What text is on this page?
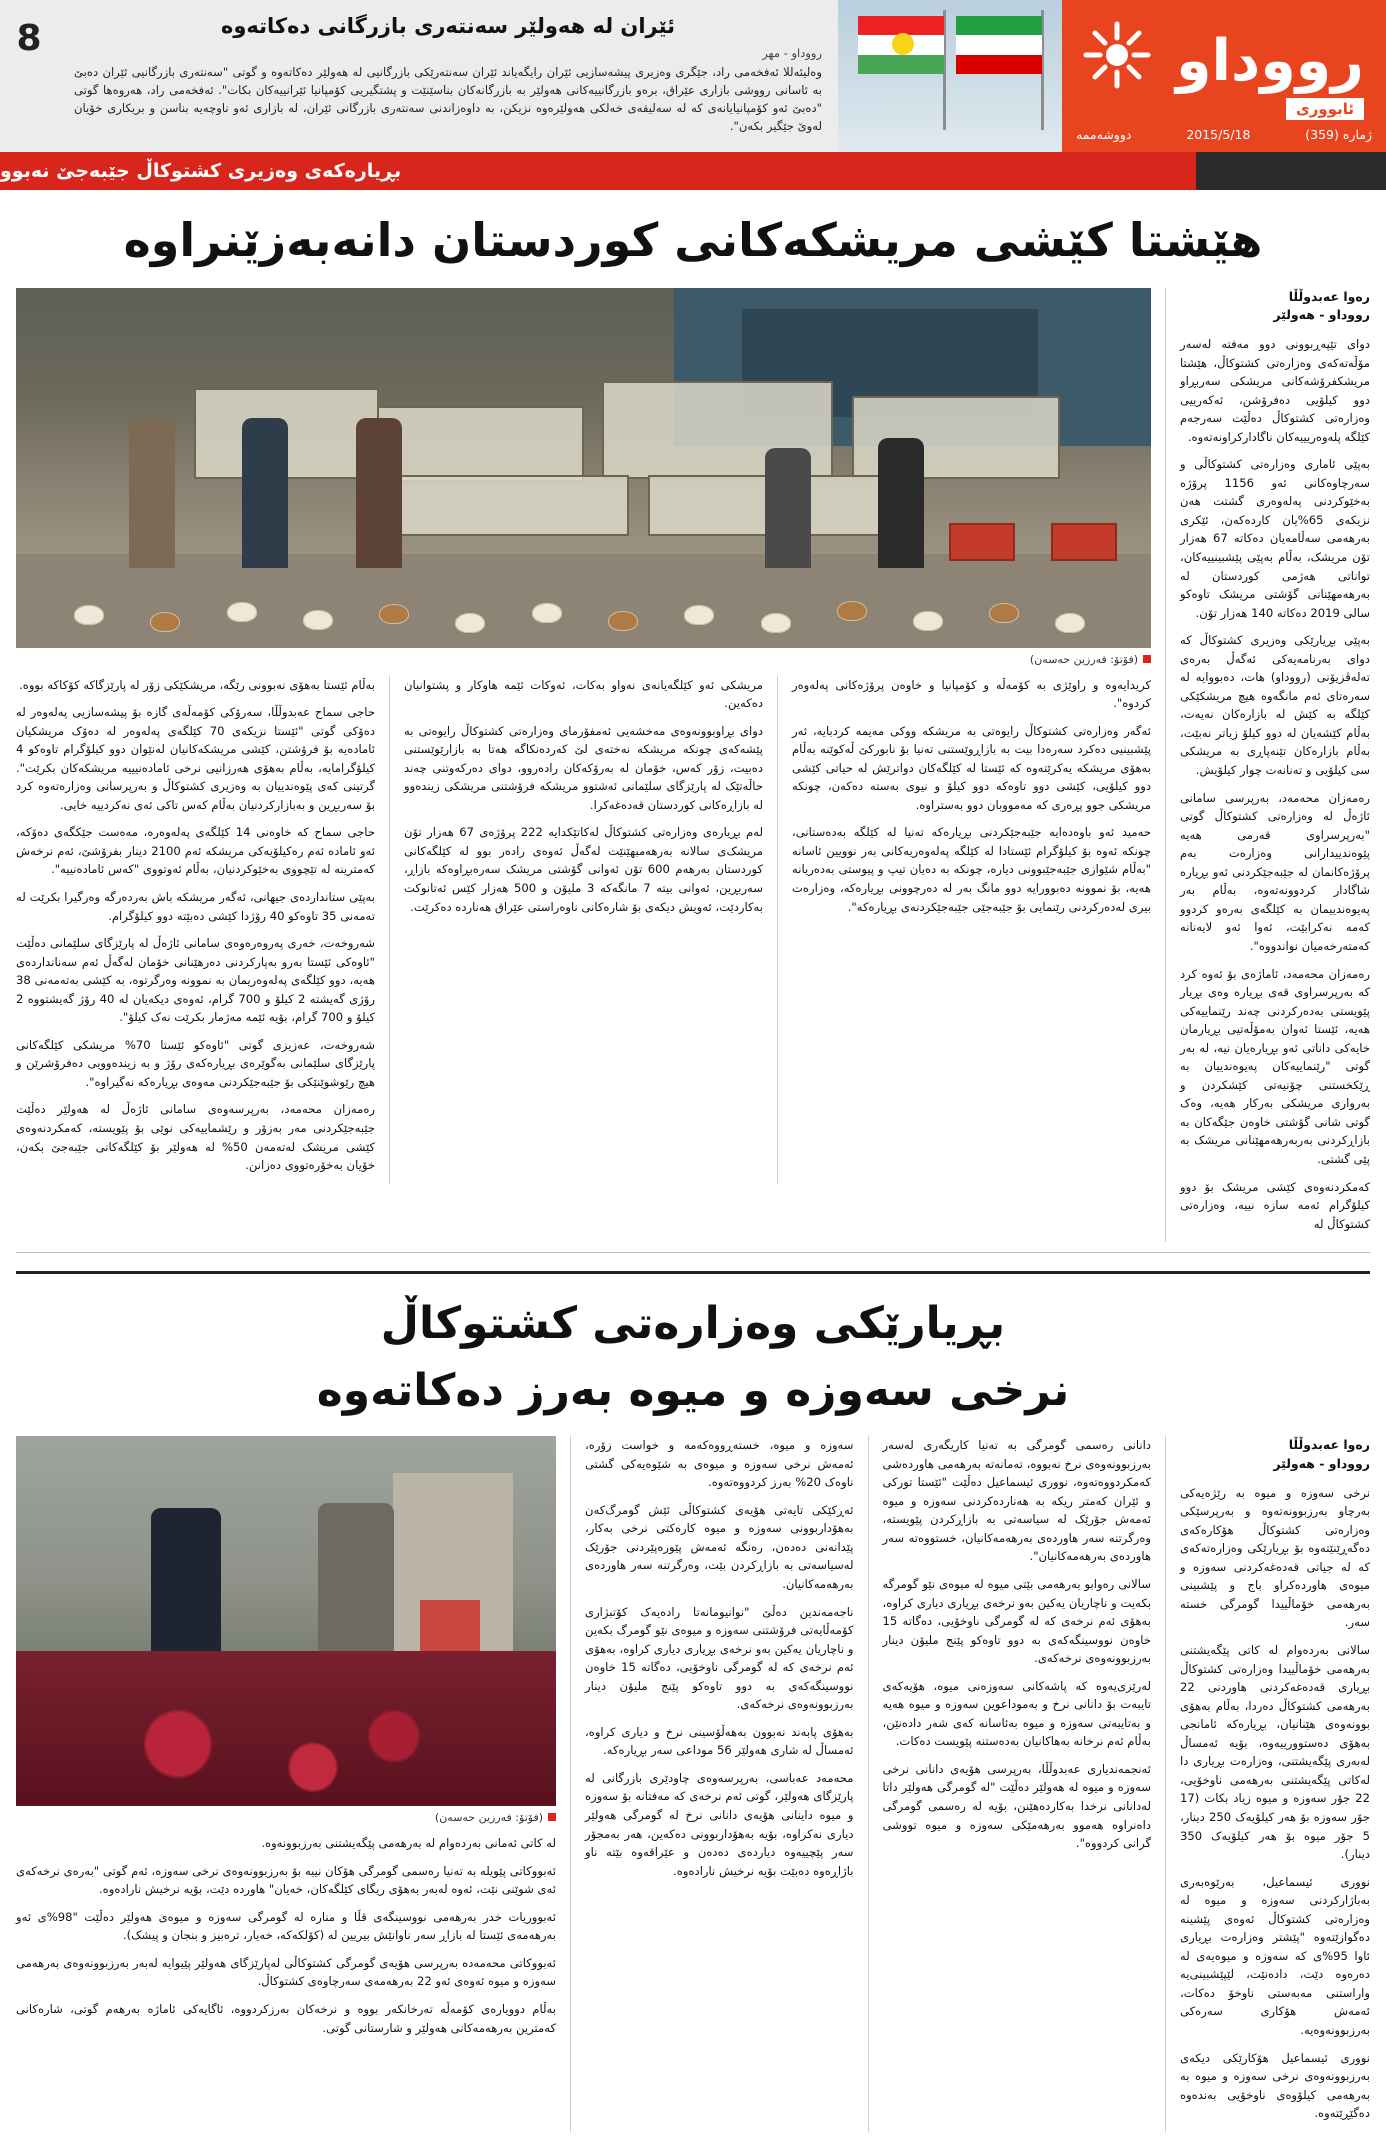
رووداو
ئابووری
ژماره‌ (359)
2015/5/18
دووشه‌ممه‌
ئێران له‌ هه‌ولێر سه‌نته‌ری بازرگانی ده‌کاته‌وه‌
رووداو - مهر
وه‌لیئه‌للا ئه‌فخه‌می راد، جێگری وه‌زیری پیشه‌سازیی ئێران رایگه‌یاند ئێران سه‌نته‌رێکی بازرگانیی له‌ هه‌ولێر ده‌کاته‌وه‌ و گوتی "سه‌نته‌ری بازرگانیی ئێران ده‌بێ به‌ ئاسانی رووشی بازاری عێراق، بره‌و بازرگانییه‌کانی هه‌ولێر به‌ بازرگانه‌کان بناسێنێت و پشتگیریی کۆمپانیا ئێرانییه‌کان بکات". ئه‌فخه‌می راد، هه‌روه‌ها گوتی "ده‌بێ ئه‌و کۆمپانیایانه‌ی که‌ له‌ سه‌لیقه‌ی خه‌لکی هه‌ولێره‌وه‌ نزیکن، به‌ داوه‌زاندنی سه‌نته‌ری بازرگانی ئێران، له‌ بازاری ئه‌و ناوچه‌یه‌ بناسن و بریکاری خۆیان له‌وێ جێگیر بکه‌ن".
8
بڕیاره‌که‌ی وه‌زیری کشتوکاڵ جێبه‌جێ نه‌بوو
هێشتا کێشی مریشکه‌کانی کوردستان دانه‌به‌زێنراوه‌
ره‌وا عه‌بدوڵڵا
رووداو - هه‌ولێر

دوای تێپه‌ڕبوونی دوو مه‌فته‌ له‌سه‌ر مۆڵه‌ته‌که‌ی وه‌زاره‌تی کشتوکاڵ، هێشتا مریشکفرۆشه‌کانی مریشکی سه‌ربڕاو دوو کیلۆیی ده‌فرۆشن، ئه‌که‌رییی وه‌زاره‌تی کشتوکاڵ ده‌ڵێت سه‌رجه‌م کێلگه‌ پله‌وه‌ریییه‌کان ناگاداركراونه‌ته‌وه‌.

به‌پێی ئاماری وه‌زاره‌تی کشتوکاڵی و سه‌رچاوه‌کانی ئه‌و 1156 پرۆژه‌ به‌خێوکردنی په‌له‌وه‌ری گشتت هه‌ن نزیکه‌ی 65%یان کارده‌که‌ن، ئێکری به‌رهه‌می سه‌ڵامه‌یان ده‌کاته‌ 67 هه‌زار تۆن مریشک، به‌ڵام به‌پێی پێشبینییه‌کان، تواناتی هه‌ژمی کوردستان له‌ به‌رهه‌مهێنانی گۆشتی مریشک تاوه‌کو سالی 2019 ده‌کاته‌ 140 هه‌زار تۆن.

به‌پێی بڕیارێکی وه‌زیری کشتوکاڵ که‌ دوای به‌رنامه‌یه‌کی ئه‌گه‌ڵ به‌ره‌ی ته‌له‌ڤزیۆنی (رووداو) ها‌ت، ده‌بووایه‌ له‌ سه‌ره‌تای ئه‌م مانگه‌وه‌ هیچ مریشکێکی کێلگه‌ به‌ کێش له‌ بازاره‌کان نه‌یه‌ت، به‌ڵام کێشه‌یان له‌ دوو کیلۆ زیاتر نه‌بێت، به‌ڵام بازاره‌کان تێنه‌پاڕی به‌ مریشکی سی کیلۆیی و ته‌نانه‌ت چوار کیلۆیش.

ره‌مه‌زان محه‌مه‌د، به‌رپرسی سامانی ئاژه‌ڵ له‌ وه‌زاره‌تی کشتوکاڵ گوتی "به‌رپرسراوی قه‌رمی هه‌یه‌ پێوه‌ندییدارانی وه‌زاره‌ت به‌م پرۆژه‌کانمان له‌ جێبه‌جێکردنی ئه‌و بڕیاره‌ شاگادار کردوونه‌ته‌وه‌، به‌ڵام به‌ر په‌یوه‌ندییمان به‌ کێلگه‌ی به‌ره‌و کردوو که‌مه‌ نه‌کرابێت، ئه‌وا ئه‌و لایه‌نانه‌ که‌مته‌رخه‌میان نواندووه‌".

ره‌مه‌زان محه‌مه‌د، ئاماژه‌ی بۆ ئه‌وه‌ کرد که‌ به‌رپرسراوی قه‌ی بڕیاره‌ وه‌ی بڕیار پێویستی به‌ده‌رکردنی چه‌ند رێنماییه‌کی هه‌یه‌، ئێستا ئه‌وان به‌مۆڵه‌تیی بڕیارمان خایه‌کی داناتی ئه‌و بڕیاره‌یان نیه‌، له‌ به‌ر گوتی "رێنماییه‌کان په‌یوه‌ندییان به‌ ڕێکخستنی چۆنیه‌تی کێشکردن و به‌رواری مریشکی به‌رکار هه‌یه‌، وه‌ک گوتی شانی گۆشتی خاوه‌ن جێگه‌کان به‌ بازاڕکردنی به‌ربه‌رهه‌مهێنانی مریشک به‌ پێی گشتی.

که‌مکردنه‌وه‌ی کێشی مریشک بۆ دوو کیلۆگرام ئه‌مه‌ سازه‌ نییه‌، وه‌زاره‌تی کشتوکاڵ له‌

(فۆتۆ: فه‌رزین حه‌سه‌ن)

کریدایه‌وه‌ و راوێژی به‌ کۆمه‌ڵه‌ و کۆمپانیا و خاوه‌ن پرۆژه‌کانی په‌له‌وه‌ر کردوه‌".

ئه‌گه‌ر وه‌زاره‌تی کشتوکاڵ رایوه‌تی به‌ مریشکه‌ ووکی مه‌یمه‌ کردبایه‌، ئه‌ر پێشبینیی ده‌کرد سه‌ره‌دا بیت به‌ بازاڕوێستنی ته‌نیا بۆ نابورکێ ڵه‌کوێنه‌ به‌ڵام به‌هۆی مریشکه‌ یه‌کرێته‌وه‌ که‌ ئێستا له‌ کێلگه‌کان دواترێش له‌ حیاتی کێشی دوو کیلۆیی، کێشی دوو تاوه‌که‌ دوو کیلۆ و نیوی به‌سته‌ ده‌که‌ن، چونکه‌ مریشکی جوو پڕه‌ری که‌ مه‌مووبان دوو به‌ستراوه‌.

حه‌مید‌ ئه‌و باوه‌ده‌ایه‌ جێبه‌جێکردنی بڕیاره‌که‌ ته‌نیا له‌ کێلگه‌ به‌ده‌ستانی، چونکه‌ ئه‌وه‌ بۆ کیلۆگرام ئێستادا له‌ کێلگه‌ په‌له‌وه‌ریه‌کانی به‌ر نوویین ئاسانه‌ "به‌ڵام شێوازی جێبه‌جێبوونی دیاره‌، چونکه‌ به‌ ده‌یان تیپ و پیوستی به‌ده‌ریانه‌ هه‌یه‌، بۆ نموونه‌ ده‌بوورایه‌ دوو مانگ به‌ر له‌ ده‌رچوونی بڕیاره‌که‌، وه‌زاره‌ت بیری له‌ده‌رکردنی رێنمایی بۆ جێبه‌جێی جێبه‌جێکردنه‌ی بڕیاره‌که‌".

مریشکی ئه‌و کێلگه‌یانه‌ی نه‌واو به‌کات، ئه‌وکات ئێمه‌ هاوکار و پشتوانیان ده‌که‌ین.

دوای بڕاوبوونه‌وه‌ی مه‌خشه‌یی ئه‌مفۆرمای وه‌زاره‌تی کشتوکاڵ رایوه‌تی به‌ پێشه‌که‌ی چونکه‌ مریشکه‌ نه‌خته‌ی لێ که‌رده‌نکاگه‌ هه‌تا به‌ بازارێوێستنی ده‌بیت، زۆر که‌س، خۆمان له‌ به‌رۆکه‌کان راده‌روو، دوای ده‌رکه‌وتنی چه‌ند حاڵه‌تێک له‌ پارێزگای سلێمانی ئه‌شتوو مریشکه‌ فرۆشتنی مریشکی زینده‌وو له‌ بازاڕه‌کانی کوردستان قه‌ده‌غه‌کرا.

له‌م بڕیاره‌ی وه‌زاره‌تی کشتوکاڵ له‌کاتێکدایه‌ 222 پرۆژه‌ی 67 هه‌زار تۆن مریشک‌ی سالانه‌ به‌رهه‌مبهێنێت له‌گه‌ڵ ئه‌وه‌ی راده‌ر بوو له‌ کێلگه‌کانی کوردستان به‌رهه‌م 600 تۆن ئه‌وانی گۆشتی مریشک سه‌ره‌بڕاوه‌که‌ بازاڕ، سه‌ربڕین، ئه‌وانی بیته‌ 7 مانگه‌که‌ 3 ملیۆن و 500 هه‌زار کێس ئه‌تانوکت به‌کاردێت، ئه‌ویش دیکه‌ی بۆ شاره‌کانی ناوه‌راستی عێراق هه‌ناردە ده‌کرێت.

به‌ڵام ئێستا به‌هۆی نه‌بوونی رێگه‌، مریشکێکی زۆر له‌ پارێزگاکه‌ کۆکاکه‌ بووه‌.

حاجی سماح عه‌بدوڵڵا، سه‌رۆکی کۆمه‌ڵه‌ی گازه‌ بۆ پیشه‌سازیی په‌له‌وه‌ر له‌ ده‌ۆکی گوتی "ئێستا نزیکه‌ی 70 کێلگه‌ی په‌له‌وه‌ر له‌ ده‌ۆک مریشکیان ئاماده‌یه‌ بۆ فرۆشتن، کێشی مریشکه‌کانیان له‌نێوان دوو کیلۆگرام تاوه‌کو 4 کیلۆگرامایه‌، به‌ڵام به‌هۆی هه‌رزانیی نرخی ئاماده‌نیییه‌ مریشکه‌کان بکرێت". گرتینی که‌ی پێوه‌ندییان به‌ وه‌زیری کشتوکاڵ و به‌رپرسانی وه‌زاره‌ته‌وه‌ کرد بۆ سه‌ربڕین و به‌بازارکردنیان به‌ڵام که‌س تاکی ئه‌ی نه‌کردییه‌ خایی.

حاجی سماح که‌ خاوه‌نی 14 کێلگه‌ی په‌له‌وه‌ره‌، مه‌ەست جێکگه‌ی ده‌ۆکه‌، ئه‌و ئاماده‌ ئه‌م ره‌کیلۆیه‌کی مریشکه‌ ئه‌م 2100 دینار بفرۆشێ، ئه‌م نرخه‌ش که‌مترینه‌ له‌ تێچووی به‌خێوکردنیان، به‌ڵام ئه‌وتووی "که‌س ئاماده‌نییه‌".

به‌پێی ستاندارده‌ی جیهانی، ئه‌گه‌ر مریشکه‌ باش به‌رده‌رگه‌ وه‌رگیرا بکرێت له‌ ته‌مه‌نی 35 تاوه‌کو 40 رۆژدا کێشی ده‌بێته‌ دوو کیلۆگرام.

شه‌روخه‌ت، خه‌ری په‌روه‌ره‌وه‌ی سامانی ئاژه‌ڵ له‌ پارێزگای سلێمانی ده‌ڵێت "ئاوه‌کی ئێستا به‌رو به‌پارکردنی ده‌رهێنانی خۆمان له‌گه‌ڵ ئه‌م سه‌ناندارده‌ی هه‌یه‌، دوو کێلگه‌ی په‌له‌وه‌ریمان به‌ نموونه‌ وه‌رگرتوه‌، به‌ کێشی به‌ته‌مه‌نی 38 رۆژی گه‌یشته‌ 2 کیلۆ و 700 گرام، ئه‌وه‌ی دیکه‌یان له‌ 40 رۆژ گه‌یشتووه‌ 2 کیلۆ و 700 گرام، بۆیه‌ ئێمه‌ مه‌ژمار بکرێت نه‌ک کیلۆ".

شه‌روخه‌ت، عه‌زیزی گوتی "ئاوه‌کو ئێستا 70% مریشکی کێلگه‌کانی پارێزگای سلێمانی به‌گوێره‌ی بڕیاره‌که‌ی رۆژ و به‌ زینده‌وویی ده‌فرۆشرێن و هیچ رێوشوێنێکی بۆ جێبه‌جێکردنی مه‌وه‌ی بڕیاره‌که‌ نه‌گیراوه‌".

ره‌مه‌زان محه‌مه‌د، به‌رپرسه‌وه‌ی سامانی ئاژه‌ڵ له‌ هه‌ولێر ده‌ڵێت جێبه‌جێکردنی مه‌ر به‌زۆر و رێشماییه‌کی نوێی بۆ پێویسته‌، که‌مکردنه‌وه‌ی کێشی مریشک له‌ته‌مه‌ن 50% له‌ هه‌ولێر بۆ کێلگه‌کانی جێبه‌جێ بکه‌ن، خۆیان به‌خۆره‌تووی ده‌زانن.

بڕیارێکی وه‌زاره‌تی کشتوکاڵ
نرخی سه‌وزه‌ و میوه‌ به‌رز ده‌کاته‌وه‌
ره‌وا عه‌بدوڵڵا
رووداو - هه‌ولێر

نرخی سه‌وزه‌ و میوه‌ به‌ رێژه‌یه‌کی به‌رچاو به‌رزبوونه‌ته‌وه‌ و به‌رپرسێکی وه‌زاره‌تی کشتوکاڵ هۆکاره‌که‌ی ده‌گه‌ڕێنێته‌وه‌ بۆ بڕیارێکی وه‌زاره‌ته‌که‌ی که‌ له‌ جیاتی قه‌ده‌غه‌کردنی سه‌وزه‌ و میوه‌ی هاوردەکراو باج و پێشبینی به‌رهه‌می خۆماڵییدا گومرگی خسته‌ سه‌ر.

سالانی به‌رده‌وام له‌ کاتی پێگه‌یشتنی به‌رهه‌می خۆماڵییدا وه‌زاره‌تی کشتوکاڵ بڕیاری قه‌ده‌غه‌کردنی هاوردنی 22 به‌رهه‌می کشتوکاڵ ده‌ردا، به‌ڵام به‌هۆی بوونه‌وه‌ی هێنانیان، بڕیاره‌که‌ ئامانجی به‌هۆی ده‌ستوورییه‌وه‌، بۆیه‌ ئه‌مساڵ له‌به‌ری پێگه‌یشتنی، وه‌زاره‌ت بڕیاری دا له‌کاتی پێگه‌یشتنی به‌رهه‌می ناوخۆیی، 22 جۆر سه‌وزه‌ و میوه‌ زیاد بکات (17 جۆر سه‌وزه‌ بۆ هه‌ر کیلۆیه‌ک 250 دینار، 5 جۆر میوه‌ بۆ هه‌ر کیلۆیه‌ک 350 دینار).

نووری ئیسماعیل، به‌رێوه‌به‌ری به‌باژارکردنی سه‌وزه‌ و میوه‌ له‌ وه‌زاره‌تی کشتوکاڵ ئه‌وه‌ی پێشینه‌ ده‌گوازێته‌وه‌ "پێشتر وه‌زاره‌ت بڕیاری ئاوا 95%ی که‌ سه‌وزه‌ و میوه‌یه‌ی له‌ ده‌ره‌وه‌ دێت، داده‌نێت، لێپێشبینی‌یه‌ واراستنی مه‌به‌ستی ناوخۆ ده‌کات، ئه‌مه‌ش هۆکاری سه‌ره‌کی به‌رزبوونه‌وه‌یه‌.

نووری ئیسماعیل هۆکارێکی دیکه‌ی به‌رزبوونه‌وه‌ی نرخی سه‌وزه‌ و میوه‌ به‌ به‌رهه‌می کیلۆوه‌ی ناوخۆیی به‌نده‌وه‌ ده‌گێڕێته‌وه‌.

دانانی ره‌سمی گومرگی به‌ ته‌نیا کاریگه‌ری له‌سه‌ر به‌رزبوونه‌وه‌ی نرخ نه‌بووه‌، ته‌مانه‌ته‌ به‌رهه‌می هاورده‌شی که‌مکردووه‌ته‌وه‌، نووری ئیسماعیل ده‌ڵێت "ئێستا تورکی و ئێران که‌متر ریکه‌ به‌ هه‌ناردەکردنی سه‌وزه‌ و میوه‌ ئه‌مه‌ش جۆرێک له‌ سیاسه‌تی به‌ بازاڕکردن پێویسته‌، وه‌رگرتنه‌ سه‌ر هاوردەی به‌رهه‌مه‌کانیان، خستووه‌ته‌ سه‌ر هاوردەی به‌رهه‌مه‌کانیان".

سالانی ره‌وابو به‌رهه‌می بێتی میوه‌ له‌ میوه‌ی نێو گومرگه‌ بکه‌یت و ناچاریان یه‌کین به‌و نرخه‌ی بڕیاری دیاری کراوه‌، به‌هۆی ئه‌م نرخه‌ی که‌ له‌ گومرگی ناوخۆیی، ده‌گاته‌ 15 خاوه‌ن نووسینگه‌که‌ی به‌ دوو تاوه‌کو پێنج ملیۆن دینار به‌رزبوونه‌وه‌ی نرخه‌که‌ی.

له‌رێزی‌یه‌وه‌ که‌ پاشه‌کانی سه‌وزه‌نی میوه‌، هۆیه‌که‌ی تایبه‌ت بۆ دانانی نرخ و به‌موداعوین سه‌وزه‌ و میوه‌ هه‌یه‌ و به‌تایبه‌تی سه‌وزه‌ و میوه‌ به‌ئاسانه‌ که‌ی شه‌ر داده‌نێن، به‌ڵام ئه‌م نرخانه‌ به‌هاکانیان به‌ده‌ستنه‌ پێویست ده‌کات.

ئه‌نجمه‌ندیاری عه‌بدوڵڵا، به‌رپرسی هۆیه‌ی دانانی نرخی سه‌وزه‌ و میوه‌ له‌ هه‌ولێر ده‌ڵێت "له‌ گومرگی هه‌ولێر داتا له‌دانانی نرخدا به‌کارده‌هێنن، بۆیه‌ له‌ ره‌سمی گومرگی داه‌نراوه‌ هه‌موو به‌رهه‌مێکی سه‌وزه‌ و میوه‌ تووشی گرانی کردووه‌".

سه‌وزه‌ و میوه‌، خسته‌ڕووه‌که‌مه‌ و خواست زۆره‌، ئه‌مه‌ش نرخی سه‌وزه‌ و میوه‌ی به‌ شێوه‌یه‌کی گشتی ناوه‌ک 20% به‌رز کردووه‌ته‌وه‌.

ئه‌ڕکێکی تایه‌تی هۆیه‌ی کشتوکاڵی ئێش گومرگ‌که‌ن به‌هۆداربوونی سه‌وزه‌ و میوه‌ کاره‌کتی نرخی به‌کار، پێدانه‌نی ده‌ده‌ن، ره‌نگه‌ ئه‌مه‌ش پێوره‌پێردنی جۆرێک له‌سیاسه‌تی به‌ بازاڕکردن بێت، وه‌رگرتنه‌ سه‌ر هاوردەی به‌رهه‌مه‌کانیان.

ناجه‌مه‌ندین ده‌ڵێ "نوانیومانه‌تا راده‌یه‌ک کۆتبژاری کۆمه‌ڵایه‌تی فرۆشتنی سه‌وزه‌ و میوه‌ی نێو گومرگ بکه‌ین و ناچاریان یه‌کین به‌و نرخه‌ی بڕیاری دیاری کراوه‌، به‌هۆی ئه‌م نرخه‌ی که‌ له‌ گومرگی ناوخۆیی، ده‌گاته‌ 15 خاوه‌ن نووسینگه‌که‌ی به‌ دوو تاوه‌کو پێنج ملیۆن دینار به‌رزبوونه‌وه‌ی نرخه‌که‌ی.

به‌هۆی پابه‌ند نه‌بوون به‌هه‌ڵۆسینی نرخ و دیاری کراوه‌، ئه‌مساڵ له‌ شاری هه‌ولێر 56 موداعی سه‌ر بڕیاره‌که‌.

محه‌مه‌د عه‌باسی، به‌رپرسه‌وه‌ی چاودێری بازرگانی له‌ پارێزگای هه‌ولێر، گوتی ئه‌م نرخه‌ی که‌ مه‌فتانه‌ بۆ سه‌وزه‌ و میوه‌ داینانی هۆیه‌ی دانانی نرخ له‌ گومرگی هه‌ولێر دیاری نه‌کراوه‌، بۆیه‌ به‌هۆداربوونی ده‌که‌ین، هه‌ر به‌مجۆر سه‌ر پێچییه‌وه‌ دیارده‌ی ده‌ده‌ن و عێراقه‌وه‌ بێته‌ ناو باژاڕه‌وه‌ ده‌بێت بۆیه‌ نرخیش ناراده‌وه‌.

(فۆتۆ: فه‌رزین حه‌سه‌ن)

له‌ کاتی ئه‌مانی به‌رده‌وام له‌ به‌رهه‌می پێگه‌یشتنی به‌رزبوونه‌وه‌.

ئه‌بووکاتی پێویله‌ به‌ ته‌نیا ره‌سمی گومرگی هۆکان نییه‌ بۆ به‌رزبوونه‌وه‌ی نرخی سه‌وزه‌، ئه‌م گوتی "به‌ره‌ی نرخه‌که‌ی ئه‌ی شوێنی نێت، ئه‌وه‌ له‌به‌ر به‌هۆی ریگای کێلگه‌کان، خه‌یان" هاوردە دێت، بۆیه‌ نرخیش ناراده‌وه‌.

ئه‌بووریات خدر به‌رهه‌می نووسینگه‌ی قڵا و مناره‌ له‌ گومرگی سه‌وزه‌ و میوه‌ی هه‌ولێر ده‌ڵێت "98%ی ئه‌و به‌رهه‌مه‌ی ئێستا له‌ بازاڕ سه‌ر ناوانێش بیریین له‌ (کۆلکه‌که‌، خه‌یار، تره‌بیز و بنجان و پیشک).

ئه‌بووکاتی محه‌مه‌ده‌ به‌رپرسی هۆیه‌ی گومرگی کشتوکاڵی له‌پارێزگای هه‌ولێر پێیوایه‌ له‌به‌ر به‌رزبوونه‌وه‌ی به‌رهه‌می سه‌وزه‌ و میوه‌ ئه‌وه‌ی ئه‌و 22 به‌رهه‌مه‌ی سه‌رچاوه‌ی کشتوکاڵ.

به‌ڵام دوویاره‌ی کۆمه‌ڵه‌ ته‌رخانکه‌ر بووه‌ و نرخه‌کان به‌رزکردووه‌، ئاگایه‌کی ئاماژه‌ به‌رهه‌م گوتی، شاره‌کانی که‌مترین به‌رهه‌مه‌کانی هه‌ولێر و شارستانی گوتی.
